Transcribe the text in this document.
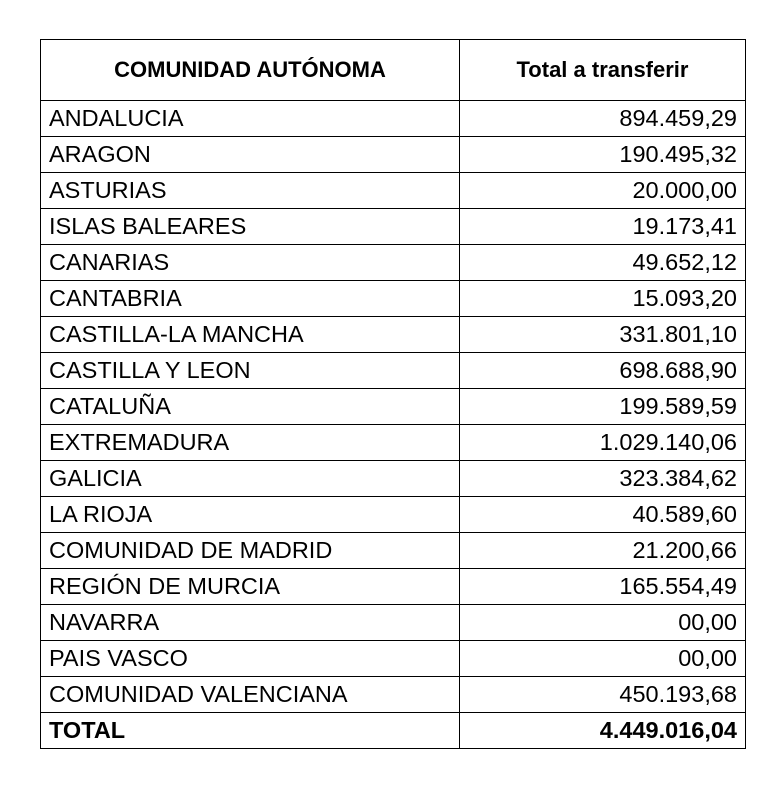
COMUNIDAD AUTÓNOMA	Total a transferir
ANDALUCIA	894.459,29
ARAGON	190.495,32
ASTURIAS	20.000,00
ISLAS BALEARES	19.173,41
CANARIAS	49.652,12
CANTABRIA	15.093,20
CASTILLA-LA MANCHA	331.801,10
CASTILLA Y LEON	698.688,90
CATALUÑA	199.589,59
EXTREMADURA	1.029.140,06
GALICIA	323.384,62
LA RIOJA	40.589,60
COMUNIDAD DE MADRID	21.200,66
REGIÓN DE MURCIA	165.554,49
NAVARRA	00,00
PAIS VASCO	00,00
COMUNIDAD VALENCIANA	450.193,68
TOTAL	4.449.016,04
